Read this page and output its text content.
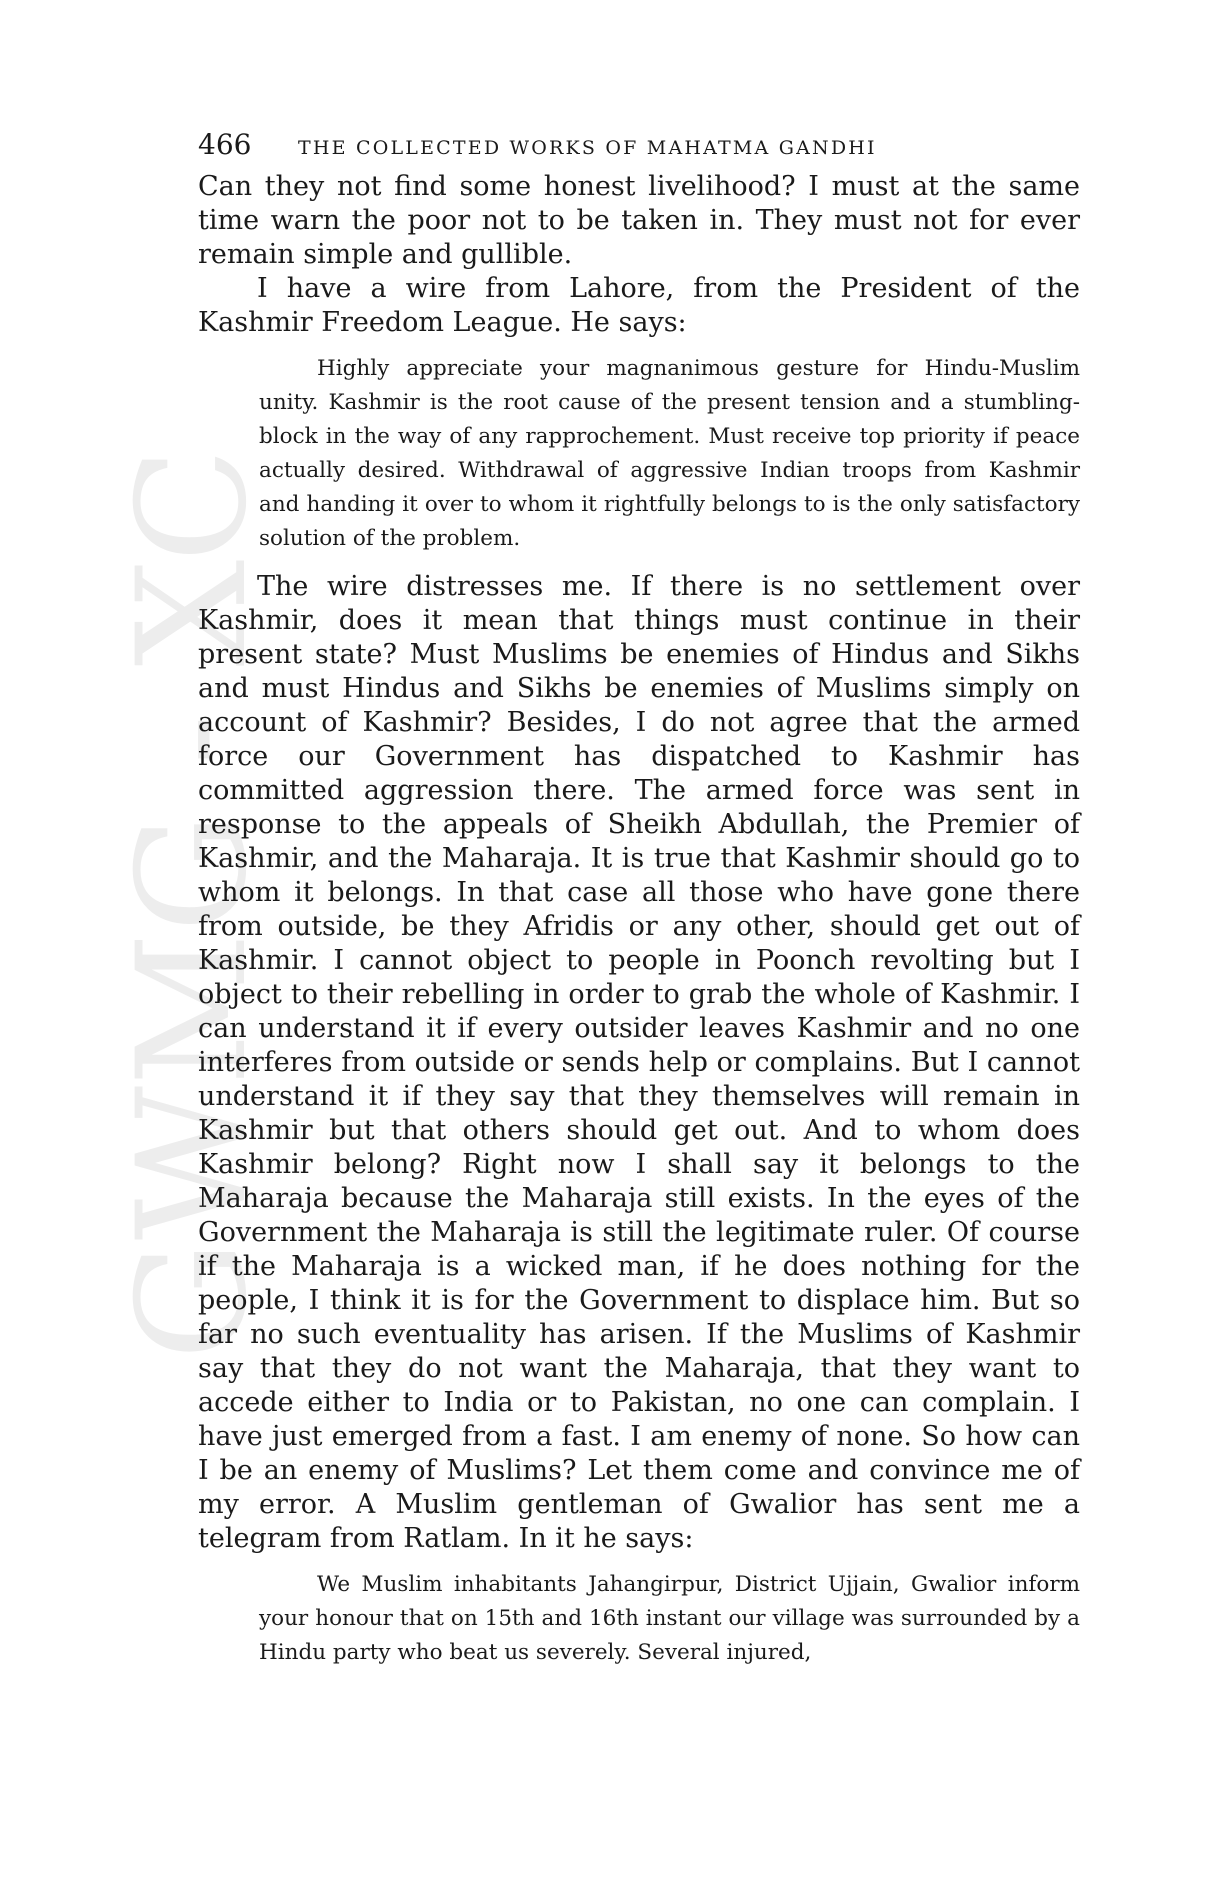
GWMG - XC
466	THE COLLECTED WORKS OF MAHATMA GANDHI

Can they not find some honest livelihood? I must at the same time warn the poor not to be taken in. They must not for ever remain simple and gullible.

I have a wire from Lahore, from the President of the Kashmir Freedom League. He says:

Highly appreciate your magnanimous gesture for Hindu-Muslim unity. Kashmir is the root cause of the present tension and a stumbling-block in the way of any rapprochement. Must receive top priority if peace actually desired. Withdrawal of aggressive Indian troops from Kashmir and handing it over to whom it rightfully belongs to is the only satisfactory solution of the problem.

The wire distresses me. If there is no settlement over Kashmir, does it mean that things must continue in their present state? Must Muslims be enemies of Hindus and Sikhs and must Hindus and Sikhs be enemies of Muslims simply on account of Kashmir? Besides, I do not agree that the armed force our Government has dispatched to Kashmir has committed aggression there. The armed force was sent in response to the appeals of Sheikh Abdullah, the Premier of Kashmir, and the Maharaja. It is true that Kashmir should go to whom it belongs. In that case all those who have gone there from outside, be they Afridis or any other, should get out of Kashmir. I cannot object to people in Poonch revolting but I object to their rebelling in order to grab the whole of Kashmir. I can understand it if every outsider leaves Kashmir and no one interferes from outside or sends help or complains. But I cannot understand it if they say that they themselves will remain in Kashmir but that others should get out. And to whom does Kashmir belong? Right now I shall say it belongs to the Maharaja because the Maharaja still exists. In the eyes of the Government the Maharaja is still the legitimate ruler. Of course if the Maharaja is a wicked man, if he does nothing for the people, I think it is for the Government to displace him. But so far no such eventuality has arisen. If the Muslims of Kashmir say that they do not want the Maharaja, that they want to accede either to India or to Pakistan, no one can complain. I have just emerged from a fast. I am enemy of none. So how can I be an enemy of Muslims? Let them come and convince me of my error. A Muslim gentleman of Gwalior has sent me a telegram from Ratlam. In it he says:

We Muslim inhabitants Jahangirpur, District Ujjain, Gwalior inform your honour that on 15th and 16th instant our village was surrounded by a Hindu party who beat us severely. Several injured,
